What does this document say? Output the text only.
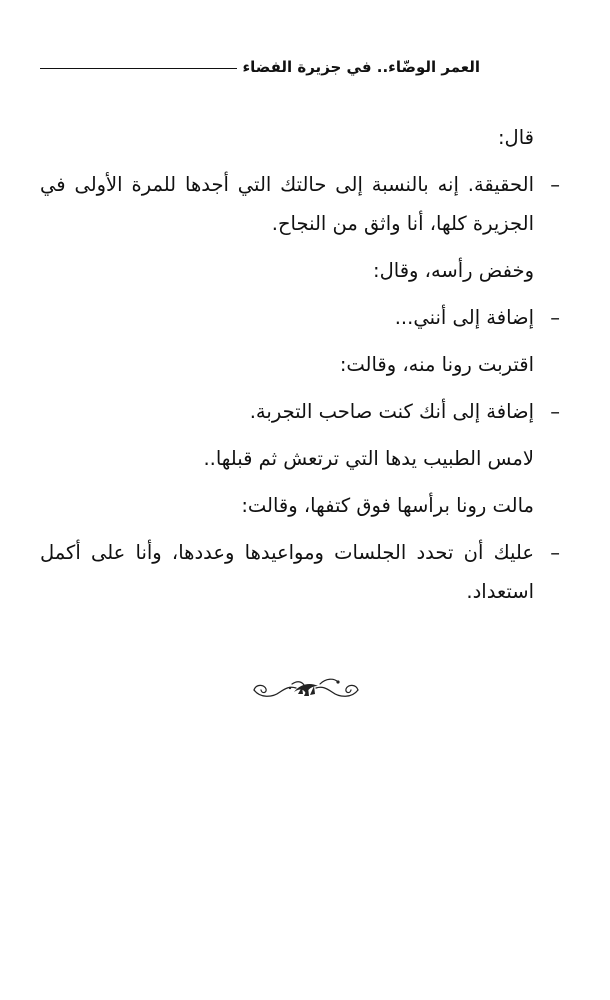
العمر الوضّاء.. في جزيرة الفضاء

قال:

–
الحقيقة. إنه بالنسبة إلى حالتك التي أجدها للمرة الأولى في الجزيرة كلها، أنا واثق من النجاح.

وخفض رأسه، وقال:

–
إضافة إلى أنني...

اقتربت رونا منه، وقالت:

–
إضافة إلى أنك كنت صاحب التجربة.

لامس الطبيب يدها التي ترتعش ثم قبلها..

مالت رونا برأسها فوق كتفها، وقالت:

–
عليك أن تحدد الجلسات ومواعيدها وعددها، وأنا على أكمل استعداد.
